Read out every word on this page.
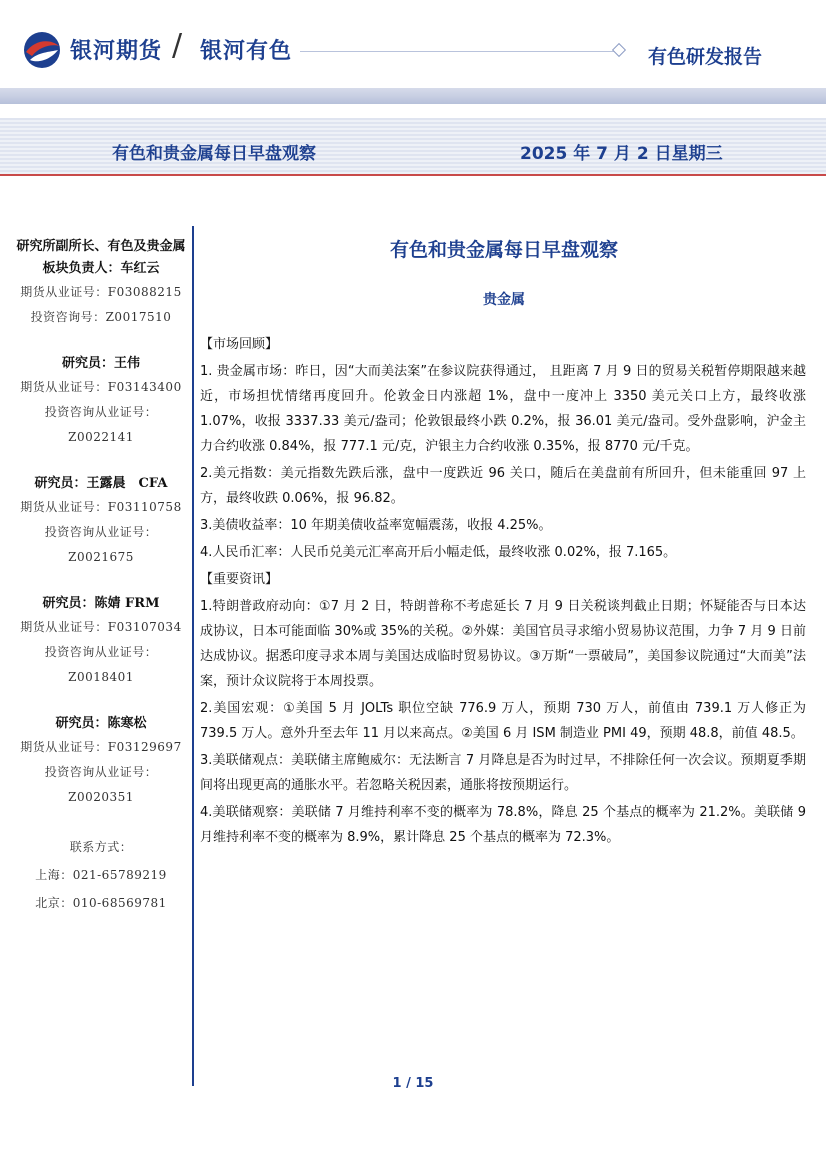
银河期货 / 银河有色	有色研发报告
有色和贵金属每日早盘观察	2025 年 7 月 2 日星期三
研究所副所长、有色及贵金属板块负责人：车红云
期货从业证号：F03088215
投资咨询号：Z0017510
研究员：王伟
期货从业证号：F03143400
投资咨询从业证号：
Z0022141
研究员：王露晨　CFA
期货从业证号：F03110758
投资咨询从业证号：
Z0021675
研究员：陈婧 FRM
期货从业证号：F03107034
投资咨询从业证号：
Z0018401
研究员：陈寒松
期货从业证号：F03129697
投资咨询从业证号：
Z0020351
联系方式：
上海：021-65789219
北京：010-68569781
有色和贵金属每日早盘观察
贵金属
【市场回顾】
1. 贵金属市场：昨日，因“大而美法案”在参议院获得通过， 且距离 7 月 9 日的贸易关税暂停期限越来越近，市场担忧情绪再度回升。伦敦金日内涨超 1%，盘中一度冲上 3350 美元关口上方，最终收涨 1.07%，收报 3337.33 美元/盎司；伦敦银最终小跌 0.2%，报 36.01 美元/盎司。受外盘影响，沪金主力合约收涨 0.84%，报 777.1 元/克，沪银主力合约收涨 0.35%，报 8770 元/千克。
2.美元指数：美元指数先跌后涨，盘中一度跌近 96 关口，随后在美盘前有所回升，但未能重回 97 上方，最终收跌 0.06%，报 96.82。
3.美债收益率：10 年期美债收益率宽幅震荡，收报 4.25%。
4.人民币汇率：人民币兑美元汇率高开后小幅走低，最终收涨 0.02%，报 7.165。
【重要资讯】
1.特朗普政府动向：①7 月 2 日，特朗普称不考虑延长 7 月 9 日关税谈判截止日期；怀疑能否与日本达成协议，日本可能面临 30%或 35%的关税。②外媒：美国官员寻求缩小贸易协议范围，力争 7 月 9 日前达成协议。据悉印度寻求本周与美国达成临时贸易协议。③万斯“一票破局”，美国参议院通过“大而美”法案，预计众议院将于本周投票。
2.美国宏观：①美国 5 月 JOLTs 职位空缺 776.9 万人，预期 730 万人，前值由 739.1 万人修正为 739.5 万人。意外升至去年 11 月以来高点。②美国 6 月 ISM 制造业 PMI 49，预期 48.8，前值 48.5。
3.美联储观点：美联储主席鲍威尔：无法断言 7 月降息是否为时过早，不排除任何一次会议。预期夏季期间将出现更高的通胀水平。若忽略关税因素，通胀将按预期运行。
4.美联储观察：美联储 7 月维持利率不变的概率为 78.8%，降息 25 个基点的概率为 21.2%。美联储 9 月维持利率不变的概率为 8.9%，累计降息 25 个基点的概率为 72.3%。
1 / 15
